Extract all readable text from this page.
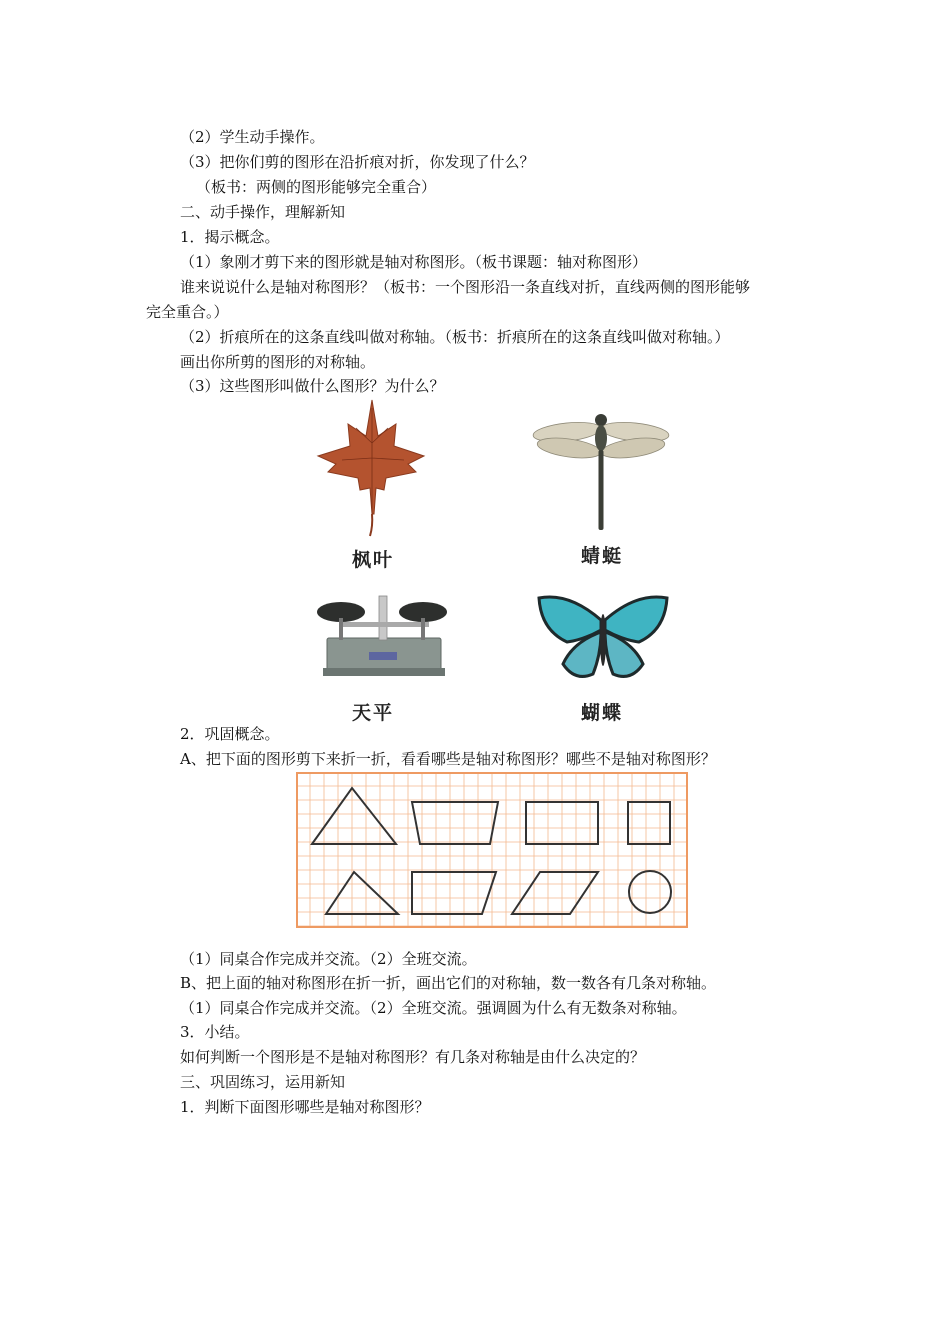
（2）学生动手操作。
（3）把你们剪的图形在沿折痕对折，你发现了什么？
（板书：两侧的图形能够完全重合）
二、动手操作，理解新知
1．揭示概念。
（1）象刚才剪下来的图形就是轴对称图形。（板书课题：轴对称图形）
谁来说说什么是轴对称图形？（板书：一个图形沿一条直线对折，直线两侧的图形能够
完全重合。）
（2）折痕所在的这条直线叫做对称轴。（板书：折痕所在的这条直线叫做对称轴。）
画出你所剪的图形的对称轴。
（3）这些图形叫做什么图形？为什么？
枫叶	蜻蜓
天平	蝴蝶
2．巩固概念。
A、把下面的图形剪下来折一折，看看哪些是轴对称图形？哪些不是轴对称图形？
（1）同桌合作完成并交流。（2）全班交流。
B、把上面的轴对称图形在折一折，画出它们的对称轴，数一数各有几条对称轴。
（1）同桌合作完成并交流。（2）全班交流。强调圆为什么有无数条对称轴。
3．小结。
如何判断一个图形是不是轴对称图形？有几条对称轴是由什么决定的？
三、巩固练习，运用新知
1．判断下面图形哪些是轴对称图形？
